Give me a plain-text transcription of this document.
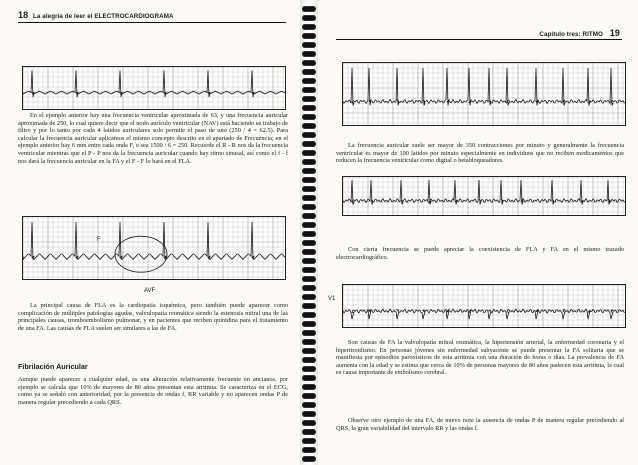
18 La alegría de leer el ELECTROCARDIOGRAMA

En el ejemplo anterior hay una frecuencia ventricular aproximada de 63, y una frecuencia auricular aproximada de 250, lo cual quiere decir que el nodo aurículo ventricular (NAV) está haciendo su trabajo de filtro y por lo tanto por cada 4 latidos auriculares solo permite el paso de uno (250 / 4 = 62.5). Para calcular la frecuencia auricular aplicamos el mismo concepto descrito en el apartado de Frecuencia; en el ejemplo anterior hay 6 mm entre cada onda F, o sea 1500 / 6 = 250. Recuerde el R - R nos da la frecuencia ventricular mientras que el P - P nos da la frecuencia auricular cuando hay ritmo sinusal, así como el f - f nos dará la frecuencia auricular en la FA y el F - F lo hará en el FLA.

F
AVF

La principal causa de FLA es la cardiopatía isquémica, pero también puede aparecer como complicación de múltiples patologías agudas, valvulopatía reumática siendo la estenosis mitral una de las principales causas, tromboembolismo pulmonar, y en pacientes que reciben quinidina para el tratamiento de una FA. Las causas de FLA suelen ser similares a las de FA.

Fibrilación Auricular

Aunque puede aparecer a cualquier edad, es una alteración relativamente frecuente en ancianos, por ejemplo se calcula que 10% de mayores de 80 años presentan esta arritmia. Se caracteriza en el ECG, como ya se señaló con anterioridad, por la presencia de ondas f, RR variable y no aparecen ondas P de manera regular precediendo a cada QRS.

Capítulo tres: RITMO 19

La frecuencia auricular suele ser mayor de 350 contracciones por minuto y generalmente la frecuencia ventricular es mayor de 100 latidos por minuto especialmente en individuos que no reciben medicamentos que reducen la frecuencia ventricular como digital o betabloqueadores.

Con cierta frecuencia se puede apreciar la coexistencia de FLA y FA en el mismo trazado electrocardiográfico.

V1

Son causas de FA la valvulopatía mitral reumática, la hipertensión arterial, la enfermedad coronaria y el hipertiroidismo. En personas jóvenes sin enfermedad subyacente se puede presentar la FA solitaria que se manifiesta por episodios paroxísticos de esta arritmia con una duración de horas o días. La prevalencia de FA aumenta con la edad y se estima que cerca de 10% de personas mayores de 80 años padecen esta arritmia, la cual es causa importante de embolismo cerebral.

Observe otro ejemplo de una FA, de nuevo note la ausencia de ondas P de manera regular precediendo al QRS, la gran variabilidad del intervalo RR y las ondas f.
